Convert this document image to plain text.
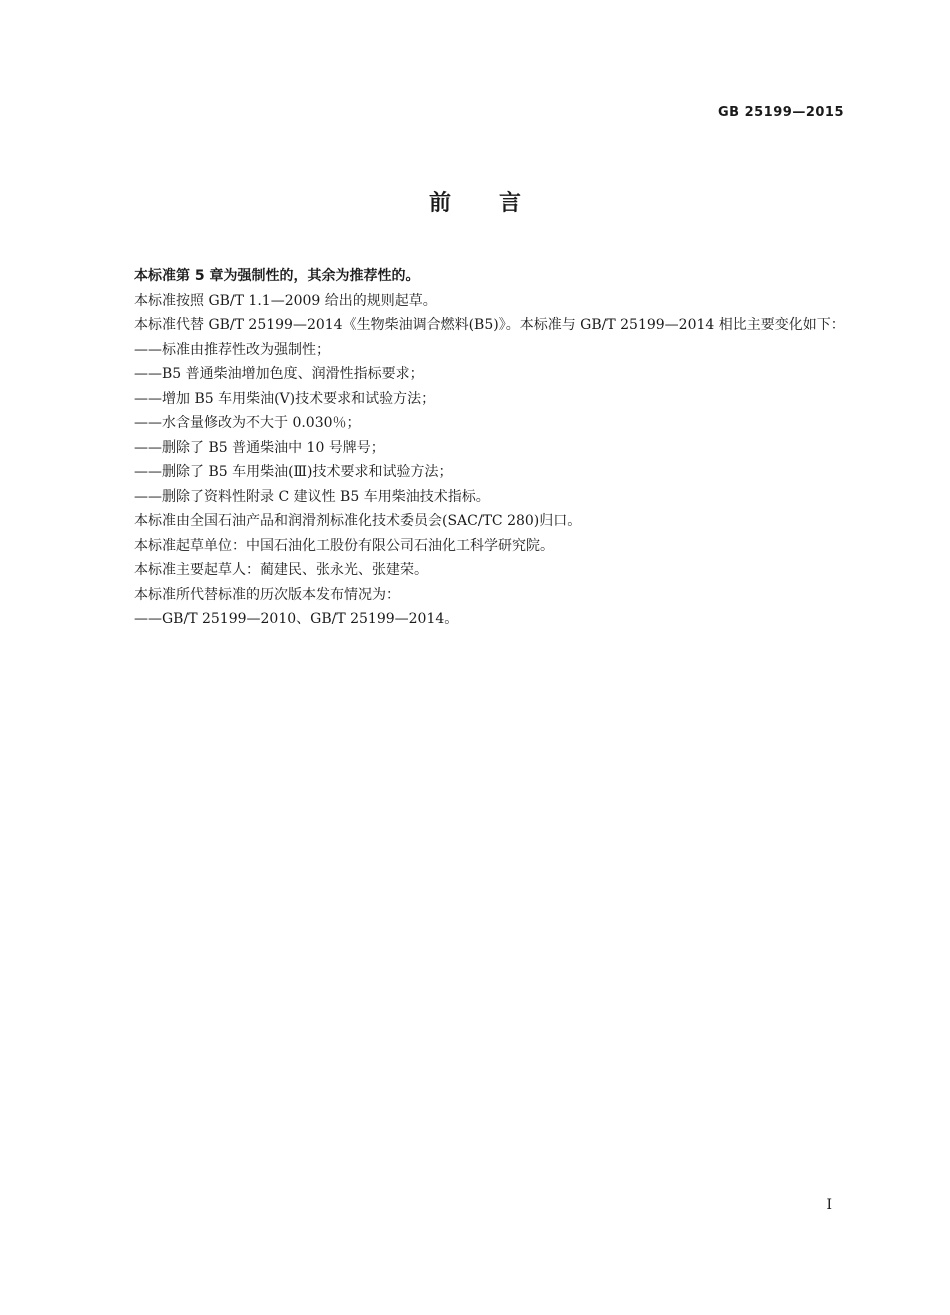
GB 25199—2015
前言

本标准第 5 章为强制性的，其余为推荐性的。

本标准按照 GB/T 1.1—2009 给出的规则起草。

本标准代替 GB/T 25199—2014《生物柴油调合燃料(B5)》。本标准与 GB/T 25199—2014 相比主要变化如下：

——标准由推荐性改为强制性；

——B5 普通柴油增加色度、润滑性指标要求；

——增加 B5 车用柴油(Ⅴ)技术要求和试验方法；

——水含量修改为不大于 0.030％；

——删除了 B5 普通柴油中 10 号牌号；

——删除了 B5 车用柴油(Ⅲ)技术要求和试验方法；

——删除了资料性附录 C 建议性 B5 车用柴油技术指标。

本标准由全国石油产品和润滑剂标准化技术委员会(SAC/TC 280)归口。

本标准起草单位：中国石油化工股份有限公司石油化工科学研究院。

本标准主要起草人：蔺建民、张永光、张建荣。

本标准所代替标准的历次版本发布情况为：

——GB/T 25199—2010、GB/T 25199—2014。

I
